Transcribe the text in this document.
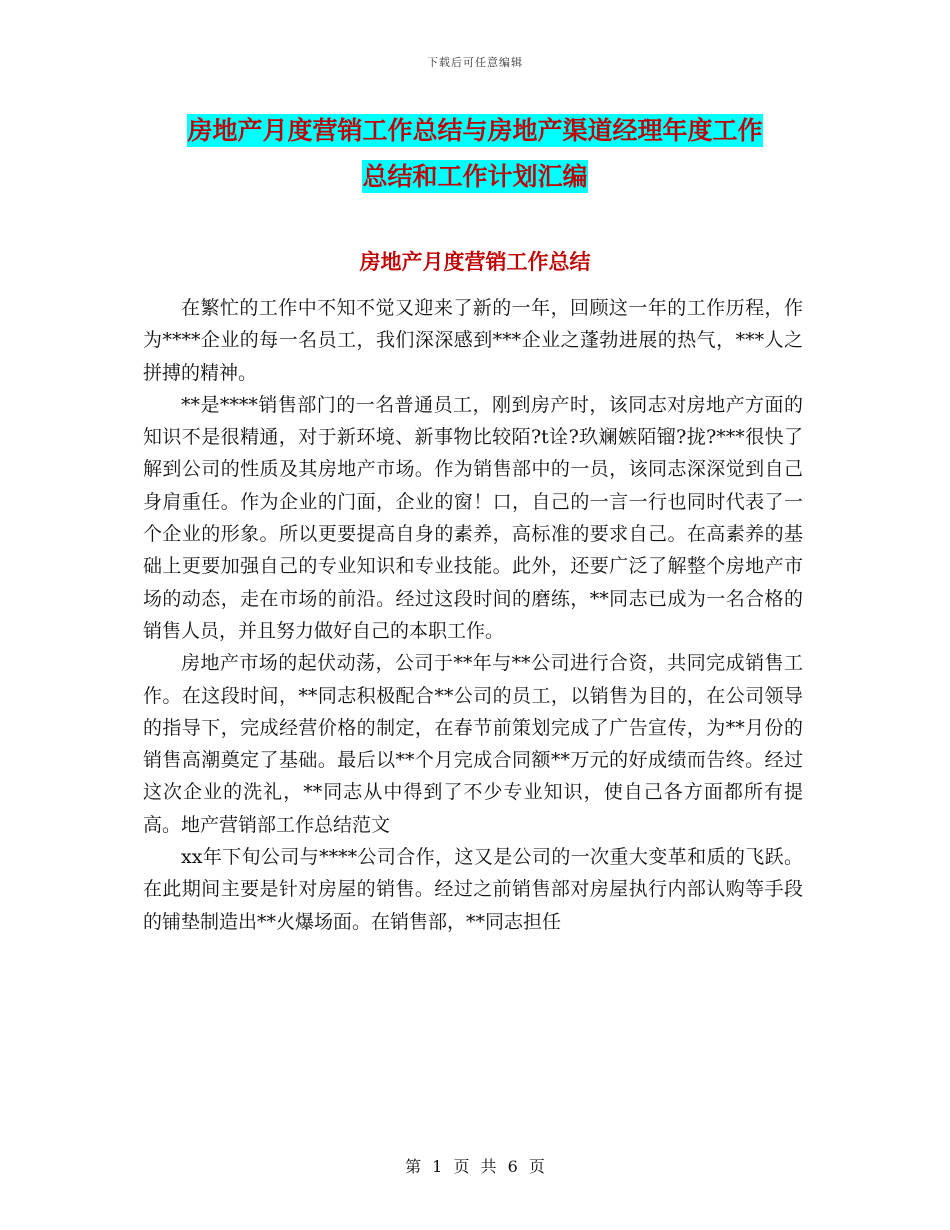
下载后可任意编辑
房地产月度营销工作总结与房地产渠道经理年度工作
总结和工作计划汇编
房地产月度营销工作总结

在繁忙的工作中不知不觉又迎来了新的一年，回顾这一年的工作历程，作为****企业的每一名员工，我们深深感到***企业之蓬勃进展的热气，***人之拼搏的精神。

**是****销售部门的一名普通员工，刚到房产时，该同志对房地产方面的知识不是很精通，对于新环境、新事物比较陌?t诠?玖斓嫉陌镏?拢?***很快了解到公司的性质及其房地产市场。作为销售部中的一员，该同志深深觉到自己身肩重任。作为企业的门面，企业的窗！口，自己的一言一行也同时代表了一个企业的形象。所以更要提高自身的素养，高标准的要求自己。在高素养的基础上更要加强自己的专业知识和专业技能。此外，还要广泛了解整个房地产市场的动态，走在市场的前沿。经过这段时间的磨练，**同志已成为一名合格的销售人员，并且努力做好自己的本职工作。

房地产市场的起伏动荡，公司于**年与**公司进行合资，共同完成销售工作。在这段时间，**同志积极配合**公司的员工，以销售为目的，在公司领导的指导下，完成经营价格的制定，在春节前策划完成了广告宣传，为**月份的销售高潮奠定了基础。最后以**个月完成合同额**万元的好成绩而告终。经过这次企业的洗礼，**同志从中得到了不少专业知识，使自己各方面都所有提高。地产营销部工作总结范文

xx年下旬公司与****公司合作，这又是公司的一次重大变革和质的飞跃。在此期间主要是针对房屋的销售。经过之前销售部对房屋执行内部认购等手段的铺垫制造出**火爆场面。在销售部，**同志担任

第 1 页 共 6 页
